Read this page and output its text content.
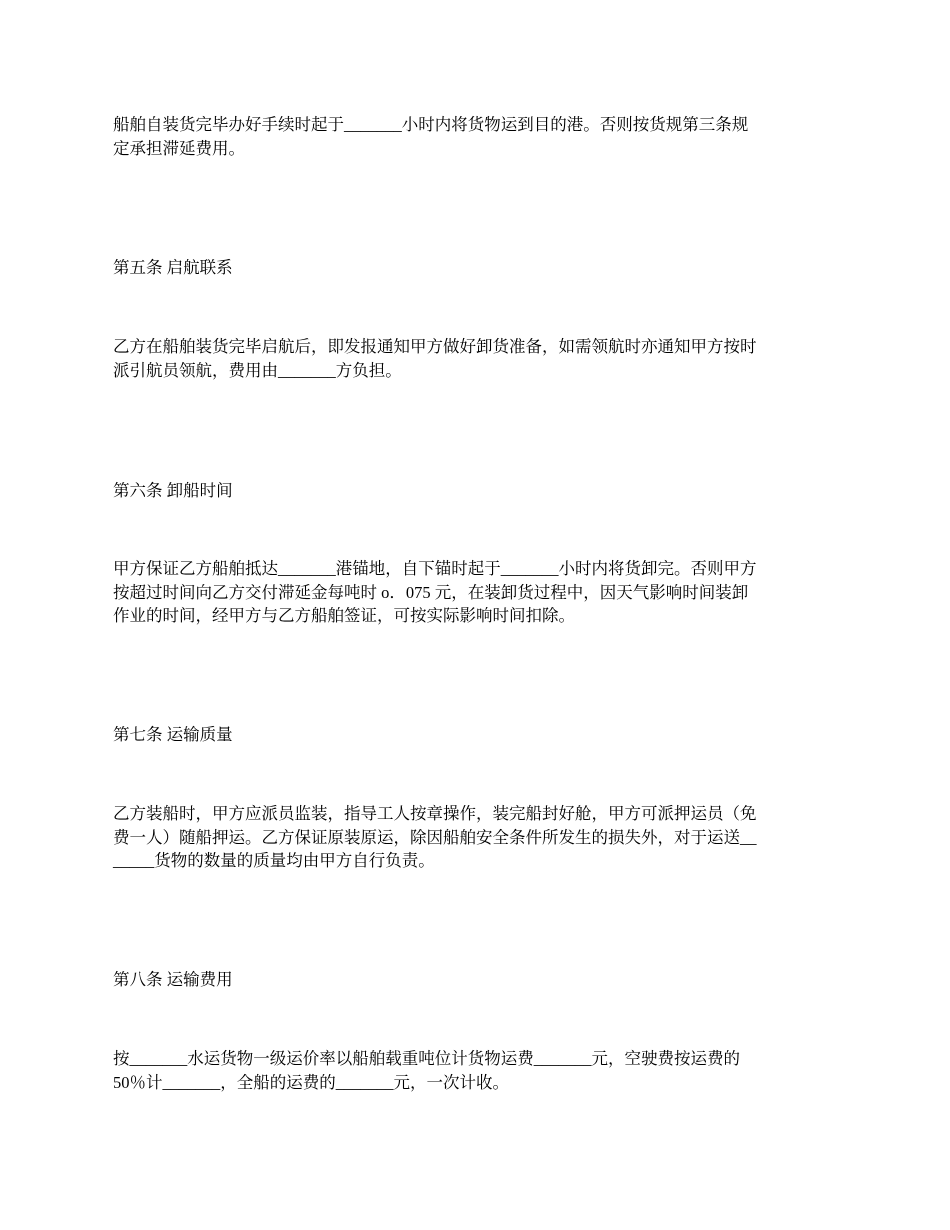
船舶自装货完毕办好手续时起于_______小时内将货物运到目的港。否则按货规第三条规
定承担滞延费用。

第五条 启航联系

乙方在船舶装货完毕启航后，即发报通知甲方做好卸货准备，如需领航时亦通知甲方按时
派引航员领航，费用由_______方负担。

第六条 卸船时间

甲方保证乙方船舶抵达_______港锚地，自下锚时起于_______小时内将货卸完。否则甲方
按超过时间向乙方交付滞延金每吨时 o．075 元，在装卸货过程中，因天气影响时间装卸
作业的时间，经甲方与乙方船舶签证，可按实际影响时间扣除。

第七条 运输质量

乙方装船时，甲方应派员监装，指导工人按章操作，装完船封好舱，甲方可派押运员（免
费一人）随船押运。乙方保证原装原运，除因船舶安全条件所发生的损失外，对于运送__
_____货物的数量的质量均由甲方自行负责。

第八条 运输费用

按_______水运货物一级运价率以船舶载重吨位计货物运费_______元，空驶费按运费的
50％计_______，全船的运费的_______元，一次计收。
